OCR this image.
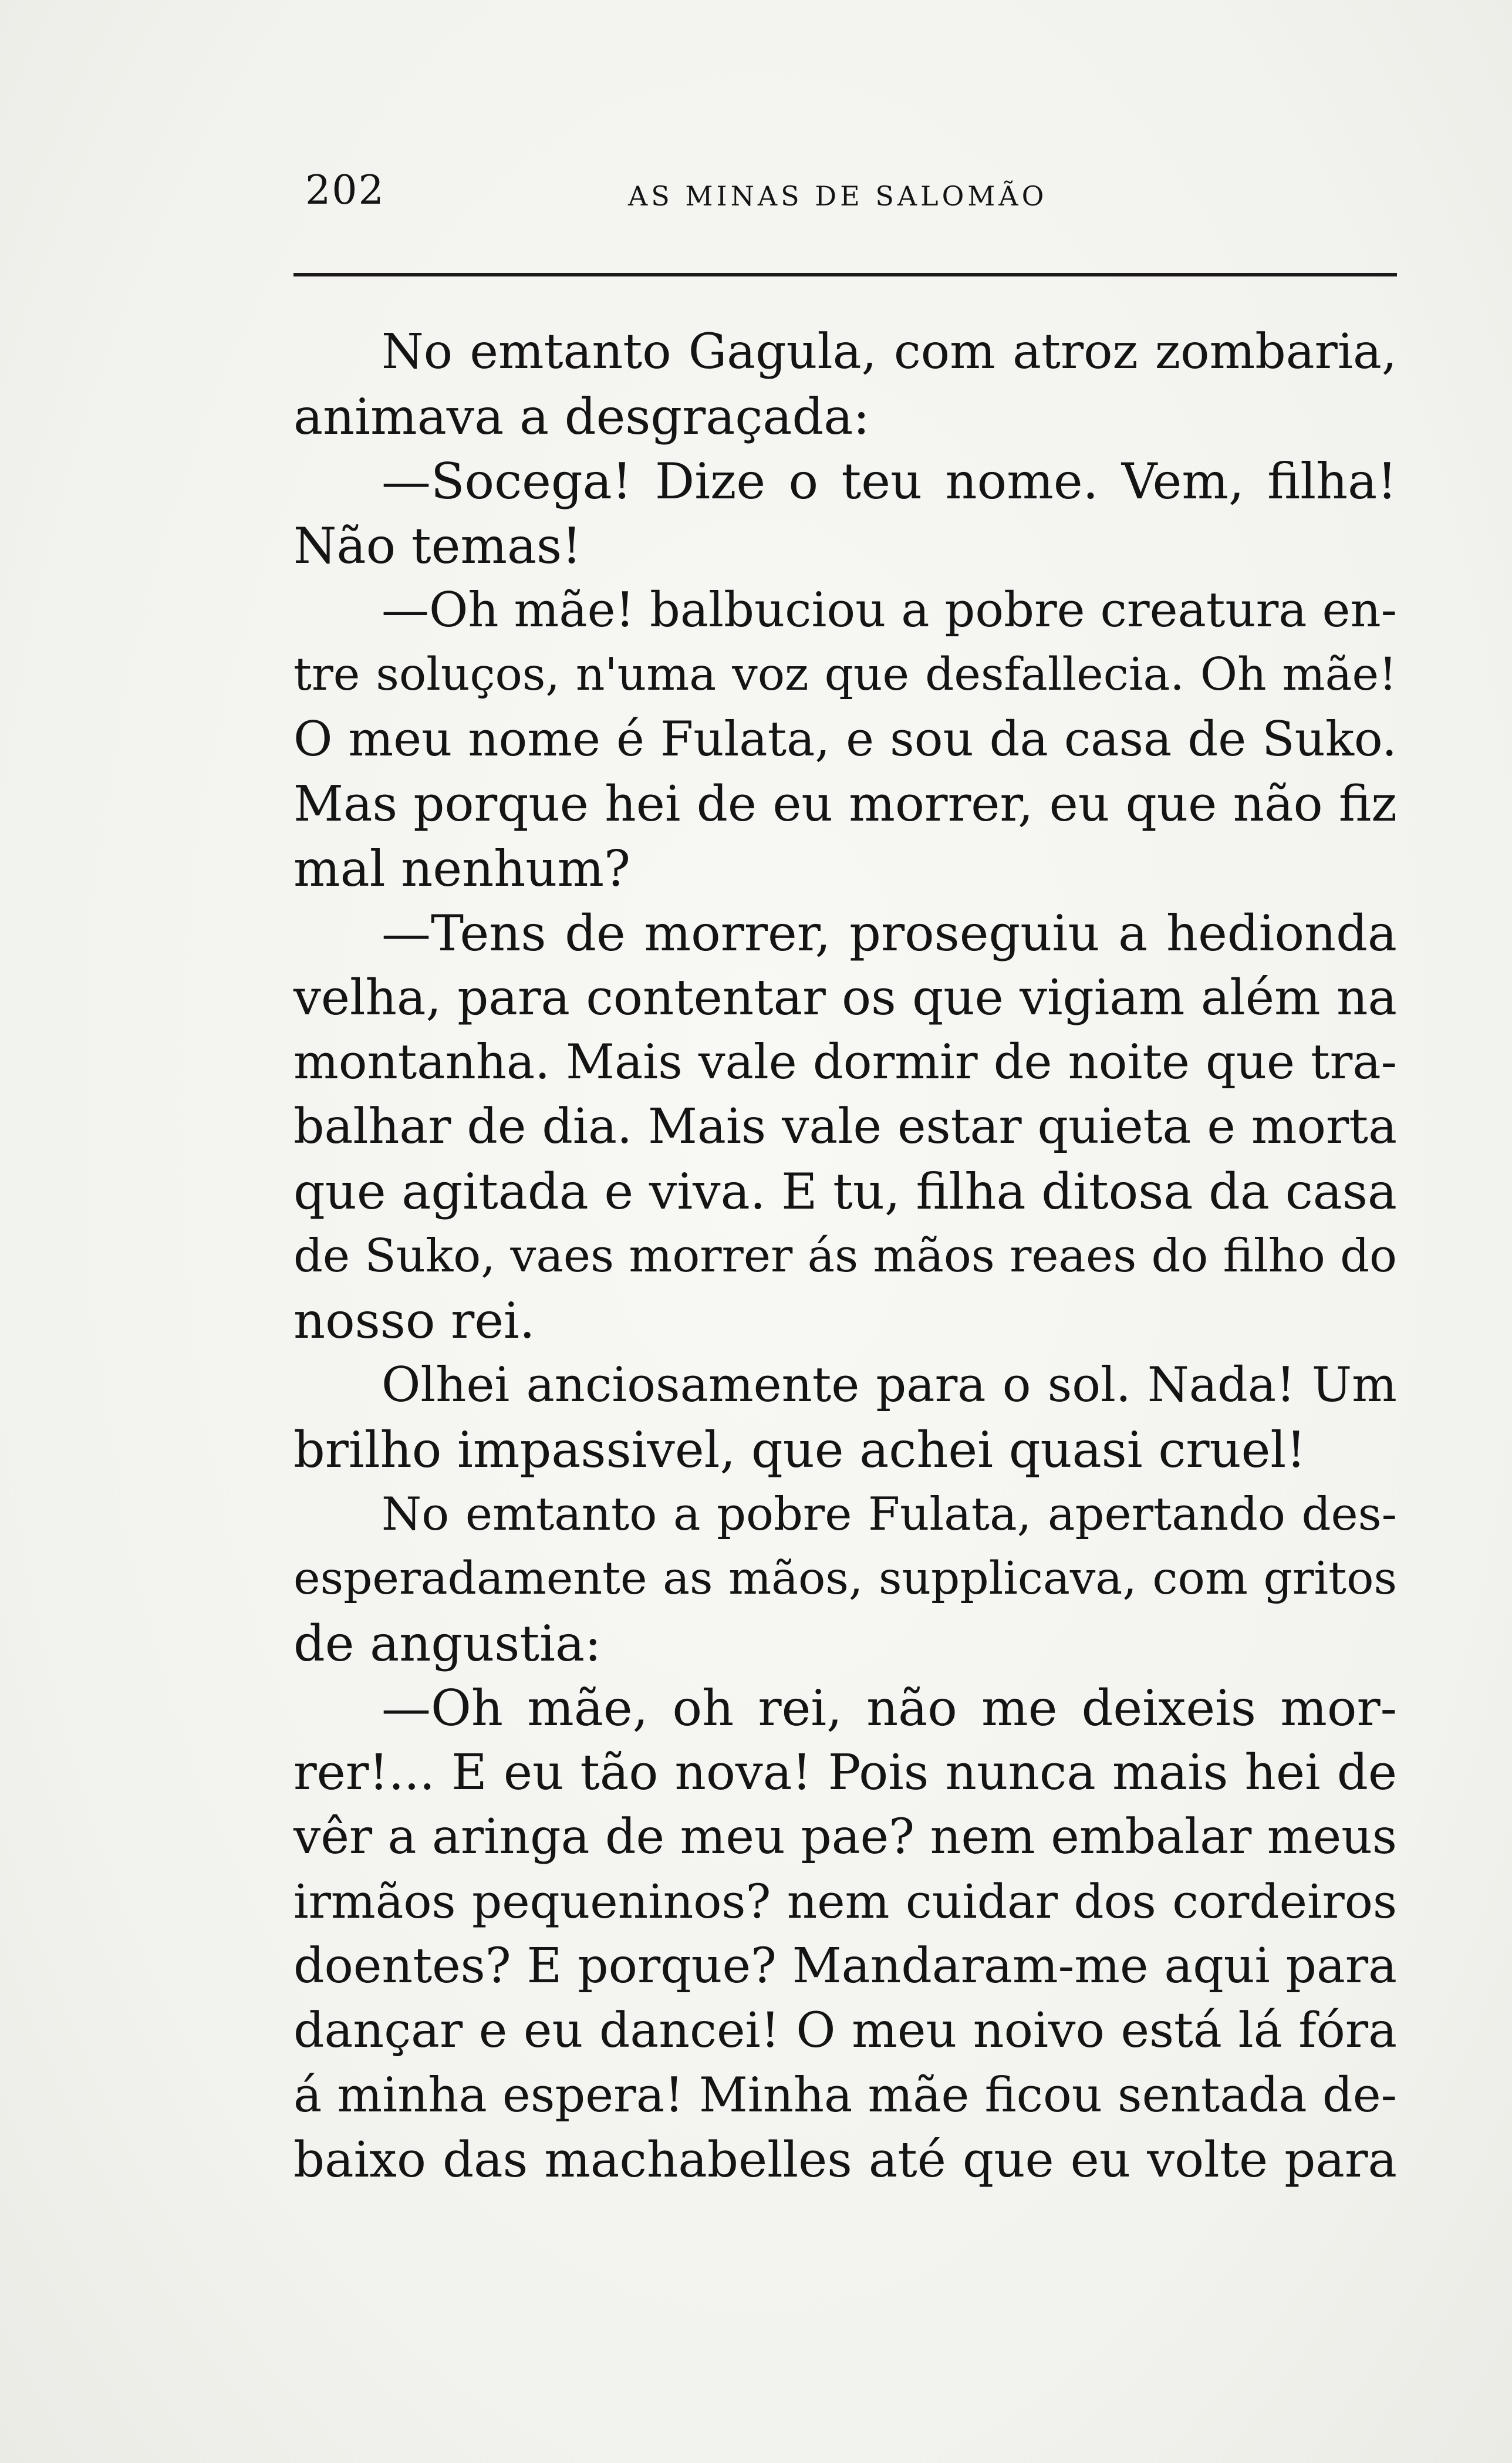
202	AS MINAS DE SALOMÃO
No emtanto Gagula, com atroz zombaria,
animava a desgraçada:
—Socega! Dize o teu nome. Vem, filha!
Não temas!
—Oh mãe! balbuciou a pobre creatura en-
tre soluços, n'uma voz que desfallecia. Oh mãe!
O meu nome é Fulata, e sou da casa de Suko.
Mas porque hei de eu morrer, eu que não fiz
mal nenhum?
—Tens de morrer, proseguiu a hedionda
velha, para contentar os que vigiam além na
montanha. Mais vale dormir de noite que tra-
balhar de dia. Mais vale estar quieta e morta
que agitada e viva. E tu, filha ditosa da casa
de Suko, vaes morrer ás mãos reaes do filho do
nosso rei.
Olhei anciosamente para o sol. Nada! Um
brilho impassivel, que achei quasi cruel!
No emtanto a pobre Fulata, apertando des-
esperadamente as mãos, supplicava, com gritos
de angustia:
—Oh mãe, oh rei, não me deixeis mor-
rer!... E eu tão nova! Pois nunca mais hei de
vêr a aringa de meu pae? nem embalar meus
irmãos pequeninos? nem cuidar dos cordeiros
doentes? E porque? Mandaram-me aqui para
dançar e eu dancei! O meu noivo está lá fóra
á minha espera! Minha mãe ficou sentada de-
baixo das machabelles até que eu volte para
